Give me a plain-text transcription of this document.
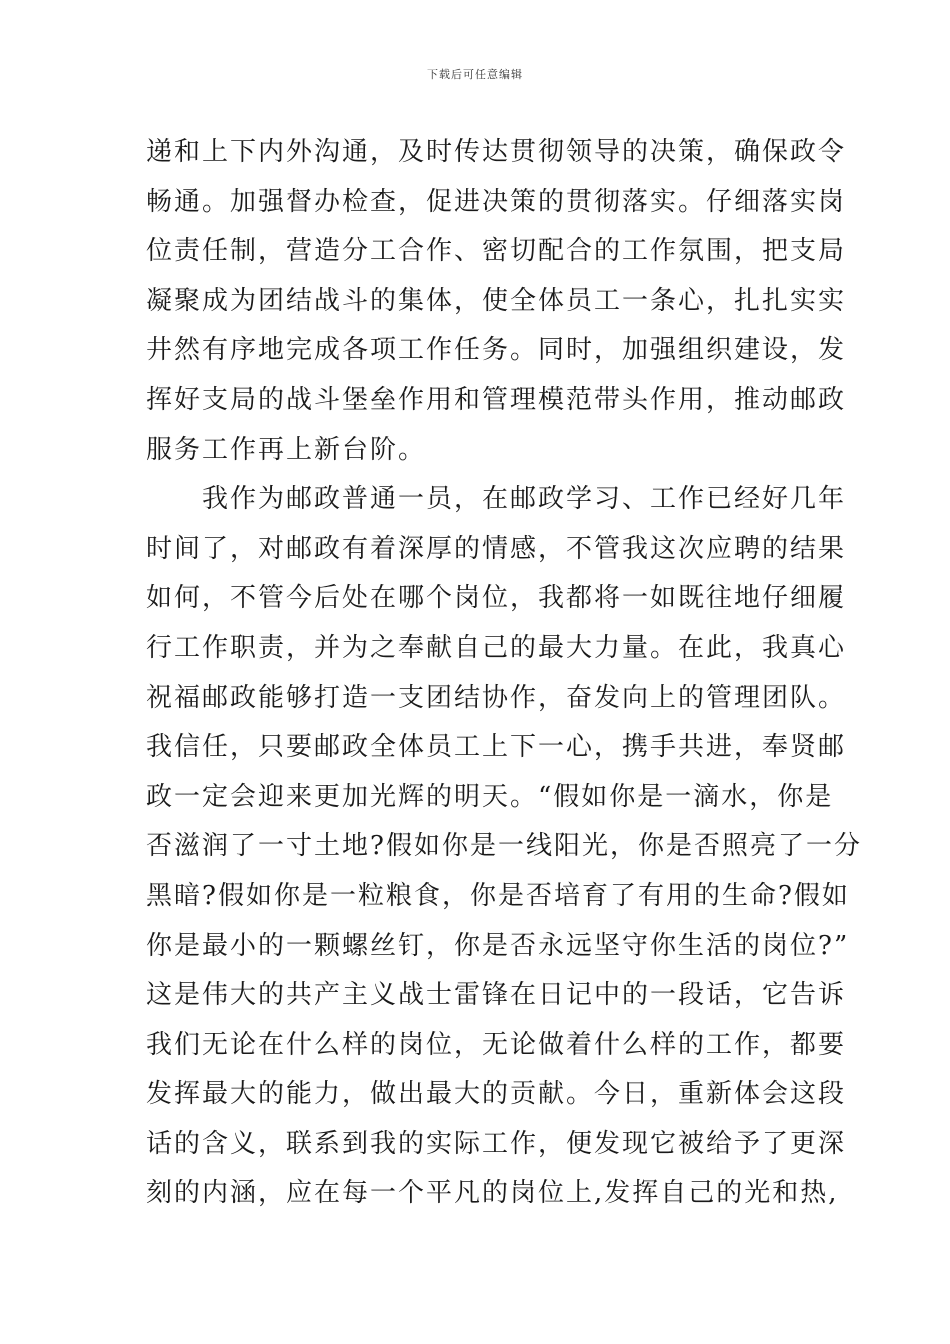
下载后可任意编辑
递和上下内外沟通，及时传达贯彻领导的决策，确保政令
畅通。加强督办检查，促进决策的贯彻落实。仔细落实岗
位责任制，营造分工合作、密切配合的工作氛围，把支局
凝聚成为团结战斗的集体，使全体员工一条心，扎扎实实
井然有序地完成各项工作任务。同时，加强组织建设，发
挥好支局的战斗堡垒作用和管理模范带头作用，推动邮政
服务工作再上新台阶。
我作为邮政普通一员，在邮政学习、工作已经好几年
时间了，对邮政有着深厚的情感，不管我这次应聘的结果
如何，不管今后处在哪个岗位，我都将一如既往地仔细履
行工作职责，并为之奉献自己的最大力量。在此，我真心
祝福邮政能够打造一支团结协作，奋发向上的管理团队。
我信任，只要邮政全体员工上下一心，携手共进，奉贤邮
政一定会迎来更加光辉的明天。“假如你是一滴水，你是
否滋润了一寸土地?假如你是一线阳光，你是否照亮了一分
黑暗?假如你是一粒粮食，你是否培育了有用的生命?假如
你是最小的一颗螺丝钉，你是否永远坚守你生活的岗位?”
这是伟大的共产主义战士雷锋在日记中的一段话，它告诉
我们无论在什么样的岗位，无论做着什么样的工作，都要
发挥最大的能力，做出最大的贡献。今日，重新体会这段
话的含义，联系到我的实际工作，便发现它被给予了更深
刻的内涵，应在每一个平凡的岗位上,发挥自己的光和热,
